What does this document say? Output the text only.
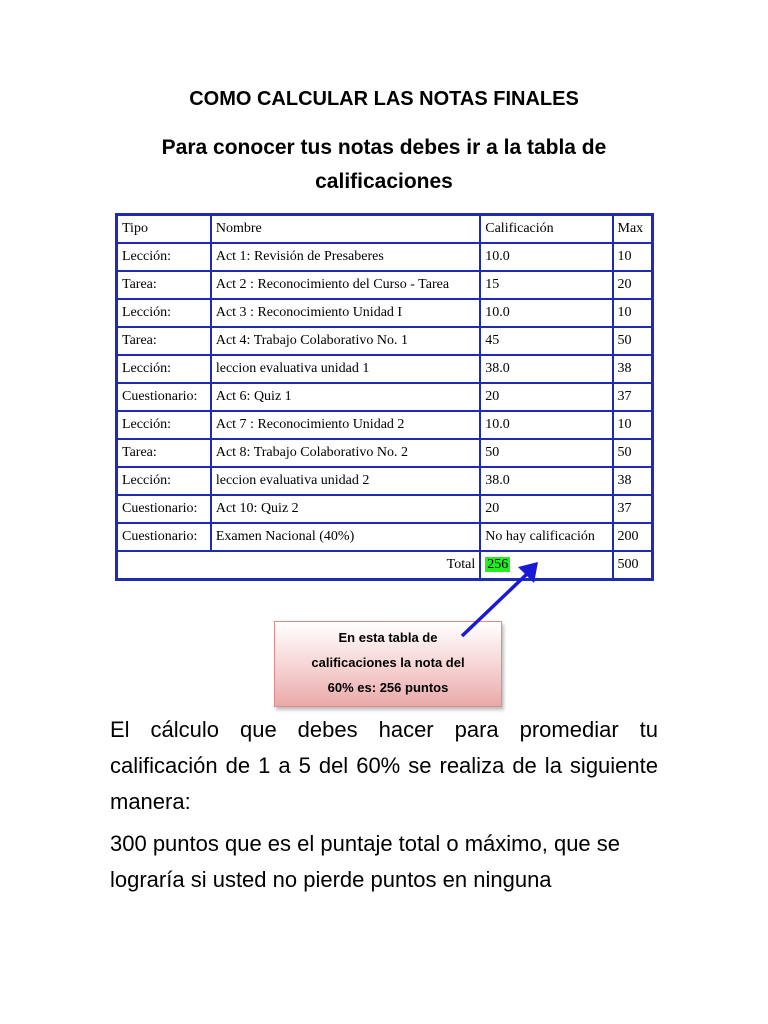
COMO CALCULAR LAS NOTAS FINALES
Para conocer tus notas debes ir a la tabla de calificaciones
Tipo	Nombre	Calificación	Max
Lección:	Act 1: Revisión de Presaberes	10.0	10
Tarea:	Act 2 : Reconocimiento del Curso - Tarea	15	20
Lección:	Act 3 : Reconocimiento Unidad I	10.0	10
Tarea:	Act 4: Trabajo Colaborativo No. 1	45	50
Lección:	leccion evaluativa unidad 1	38.0	38
Cuestionario:	Act 6: Quiz 1	20	37
Lección:	Act 7 : Reconocimiento Unidad 2	10.0	10
Tarea:	Act 8: Trabajo Colaborativo No. 2	50	50
Lección:	leccion evaluativa unidad 2	38.0	38
Cuestionario:	Act 10: Quiz 2	20	37
Cuestionario:	Examen Nacional (40%)	No hay calificación	200
Total		256	500
En esta tabla de
calificaciones la nota del
60% es: 256 puntos
El cálculo que debes hacer para promediar tu calificación de 1 a 5 del 60% se realiza de la siguiente manera:
300 puntos que es el puntaje total o máximo, que se lograría si usted no pierde puntos en ninguna
